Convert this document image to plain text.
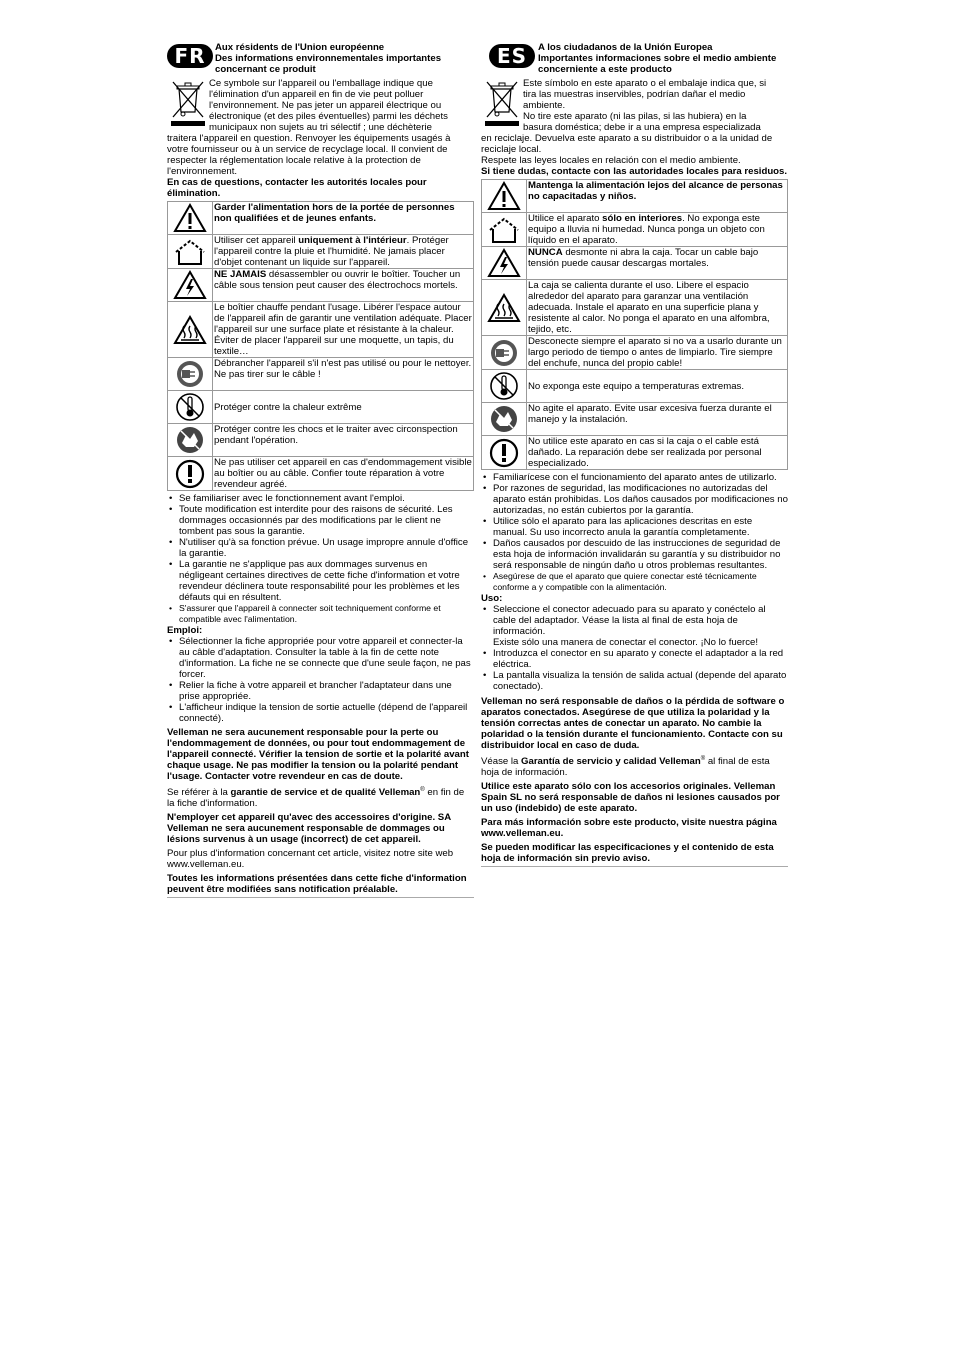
FR Aux résidents de l'Union européenne
Des informations environnementales importantes
concernant ce produit
Ce symbole sur l'appareil ou l'emballage indique que
l'élimination d'un appareil en fin de vie peut polluer
l'environnement. Ne pas jeter un appareil électrique ou
électronique (et des piles éventuelles) parmi les déchets
municipaux non sujets au tri sélectif ; une déchèterie

traitera l'appareil en question. Renvoyer les équipements usagés à votre fournisseur ou à un service de recyclage local. Il convient de respecter la réglementation locale relative à la protection de l'environnement.

En cas de questions, contacter les autorités locales pour élimination.

	Garder l'alimentation hors de la portée de personnes non qualifiées et de jeunes enfants.

	Utiliser cet appareil uniquement à l'intérieur. Protéger l'appareil contre la pluie et l'humidité. Ne jamais placer d'objet contenant un liquide sur l'appareil.

	NE JAMAIS désassembler ou ouvrir le boîtier. Toucher un câble sous tension peut causer des électrochocs mortels.

	Le boîtier chauffe pendant l'usage. Libérer l'espace autour de l'appareil afin de garantir une ventilation adéquate. Placer l'appareil sur une surface plate et résistante à la chaleur. Éviter de placer l'appareil sur une moquette, un tapis, du textile…

	Débrancher l'appareil s'il n'est pas utilisé ou pour le nettoyer. Ne pas tirer sur le câble !

	Protéger contre la chaleur extrême

	Protéger contre les chocs et le traiter avec circonspection pendant l'opération.

	Ne pas utiliser cet appareil en cas d'endommagement visible au boîtier ou au câble. Confier toute réparation à votre revendeur agréé.
• Se familiariser avec le fonctionnement avant l'emploi.
• Toute modification est interdite pour des raisons de sécurité. Les dommages occasionnés par des modifications par le client ne tombent pas sous la garantie.
• N'utiliser qu'à sa fonction prévue. Un usage impropre annule d'office la garantie.
• La garantie ne s'applique pas aux dommages survenus en négligeant certaines directives de cette fiche d'information et votre revendeur déclinera toute responsabilité pour les problèmes et les défauts qui en résultent.
• S'assurer que l'appareil à connecter soit techniquement conforme et compatible avec l'alimentation.

Emploi:

• Sélectionner la fiche appropriée pour votre appareil et connecter-la au câble d'adaptation. Consulter la table à la fin de cette note d'information. La fiche ne se connecte que d'une seule façon, ne pas forcer.
• Relier la fiche à votre appareil et brancher l'adaptateur dans une prise appropriée.
• L'afficheur indique la tension de sortie actuelle (dépend de l'appareil connecté).

Velleman ne sera aucunement responsable pour la perte ou l'endommagement de données, ou pour tout endommagement de l'appareil connecté. Vérifier la tension de sortie et la polarité avant chaque usage. Ne pas modifier la tension ou la polarité pendant l'usage. Contacter votre revendeur en cas de doute.

Se référer à la garantie de service et de qualité Velleman® en fin de la fiche d'information.

N'employer cet appareil qu'avec des accessoires d'origine. SA Velleman ne sera aucunement responsable de dommages ou lésions survenus à un usage (incorrect) de cet appareil.

Pour plus d'information concernant cet article, visitez notre site web www.velleman.eu.

Toutes les informations présentées dans cette fiche d'information peuvent être modifiées sans notification préalable.

ES	A los ciudadanos de la Unión Europea
Importantes informaciones sobre el medio ambiente
concerniente a este producto
Este símbolo en este aparato o el embalaje indica que, si
tira las muestras inservibles, podrían dañar el medio
ambiente.
No tire este aparato (ni las pilas, si las hubiera) en la
basura doméstica; debe ir a una empresa especializada

en reciclaje. Devuelva este aparato a su distribuidor o a la unidad de reciclaje local.

Respete las leyes locales en relación con el medio ambiente.

Si tiene dudas, contacte con las autoridades locales para residuos.

	Mantenga la alimentación lejos del alcance de personas no capacitadas y niños.

	Utilice el aparato sólo en interiores. No exponga este equipo a lluvia ni humedad. Nunca ponga un objeto con líquido en el aparato.

	NUNCA desmonte ni abra la caja. Tocar un cable bajo tensión puede causar descargas mortales.

	La caja se calienta durante el uso. Libere el espacio alrededor del aparato para garanzar una ventilación adecuada. Instale el aparato en una superficie plana y resistente al calor. No ponga el aparato en una alfombra, tejido, etc.

	Desconecte siempre el aparato si no va a usarlo durante un largo periodo de tiempo o antes de limpiarlo. Tire siempre del enchufe, nunca del propio cable!

	No exponga este equipo a temperaturas extremas.

	No agite el aparato. Evite usar excesiva fuerza durante el manejo y la instalación.

	No utilice este aparato en cas si la caja o el cable está dañado. La reparación debe ser realizada por personal especializado.
• Familiarícese con el funcionamiento del aparato antes de utilizarlo.
• Por razones de seguridad, las modificaciones no autorizadas del aparato están prohibidas. Los daños causados por modificaciones no autorizadas, no están cubiertos por la garantía.
• Utilice sólo el aparato para las aplicaciones descritas en este manual. Su uso incorrecto anula la garantía completamente.
• Daños causados por descuido de las instrucciones de seguridad de esta hoja de información invalidarán su garantía y su distribuidor no será responsable de ningún daño u otros problemas resultantes.
• Asegúrese de que el aparato que quiere conectar esté técnicamente conforme a y compatible con la alimentación.

Uso:

• Seleccione el conector adecuado para su aparato y conéctelo al cable del adaptador. Véase la lista al final de esta hoja de información.
Existe sólo una manera de conectar el conector. ¡No lo fuerce!
• Introduzca el conector en su aparato y conecte el adaptador a la red eléctrica.
• La pantalla visualiza la tensión de salida actual (depende del aparato conectado).

Velleman no será responsable de daños o la pérdida de software o aparatos conectados. Asegúrese de que utiliza la polaridad y la tensión correctas antes de conectar un aparato. No cambie la polaridad o la tensión durante el funcionamiento. Contacte con su distribuidor local en caso de duda.

Véase la Garantía de servicio y calidad Velleman® al final de esta hoja de información.

Utilice este aparato sólo con los accesorios originales. Velleman Spain SL no será responsable de daños ni lesiones causados por un uso (indebido) de este aparato.

Para más información sobre este producto, visite nuestra página www.velleman.eu.

Se pueden modificar las especificaciones y el contenido de esta hoja de información sin previo aviso.
